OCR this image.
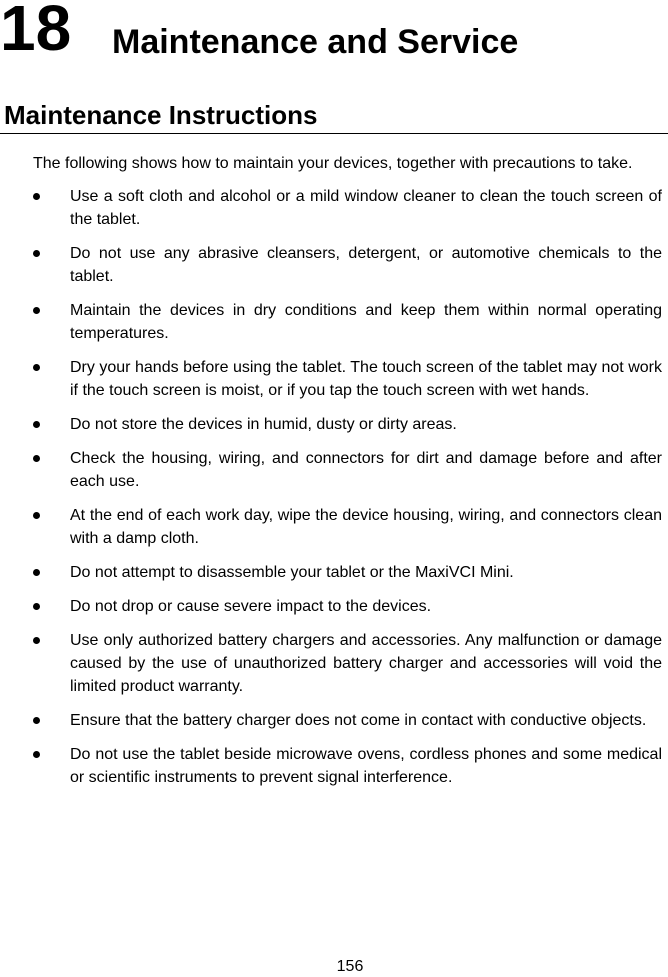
18 Maintenance and Service
Maintenance Instructions

The following shows how to maintain your devices, together with precautions to take.

Use a soft cloth and alcohol or a mild window cleaner to clean the touch screen of the tablet.
Do not use any abrasive cleansers, detergent, or automotive chemicals to the tablet.
Maintain the devices in dry conditions and keep them within normal operating temperatures.
Dry your hands before using the tablet. The touch screen of the tablet may not work if the touch screen is moist, or if you tap the touch screen with wet hands.
Do not store the devices in humid, dusty or dirty areas.
Check the housing, wiring, and connectors for dirt and damage before and after each use.
At the end of each work day, wipe the device housing, wiring, and connectors clean with a damp cloth.
Do not attempt to disassemble your tablet or the MaxiVCI Mini.
Do not drop or cause severe impact to the devices.
Use only authorized battery chargers and accessories. Any malfunction or damage caused by the use of unauthorized battery charger and accessories will void the limited product warranty.
Ensure that the battery charger does not come in contact with conductive objects.
Do not use the tablet beside microwave ovens, cordless phones and some medical or scientific instruments to prevent signal interference.
156
